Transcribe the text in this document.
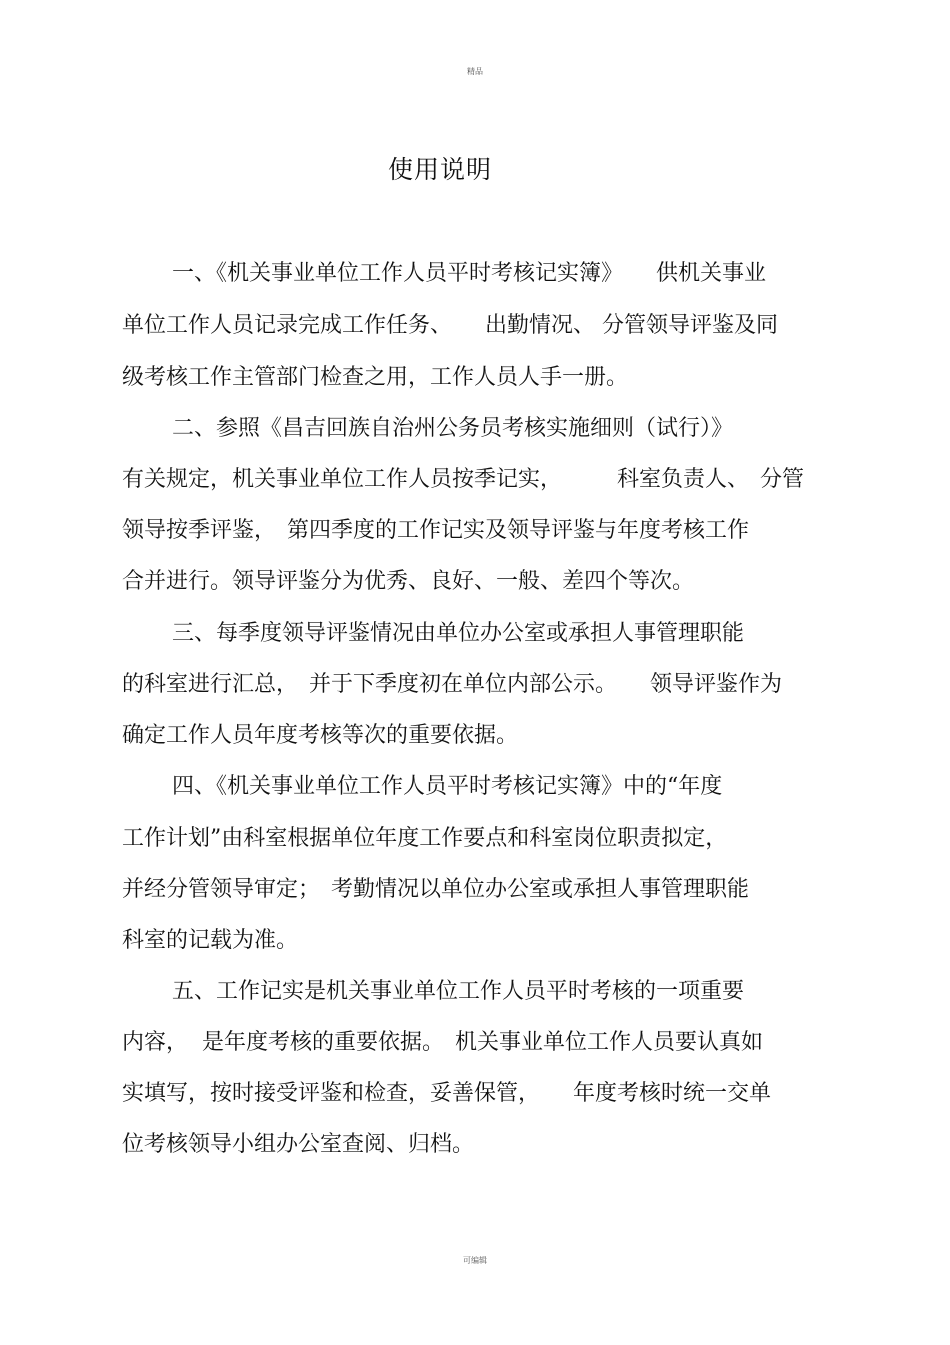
精品
使用说明
一、《机关事业单位工作人员平时考核记实簿》　　供机关事业
单位工作人员记录完成工作任务、　　出勤情况、 分管领导评鉴及同
级考核工作主管部门检查之用，工作人员人手一册。
二、参照《昌吉回族自治州公务员考核实施细则（试行）》
有关规定，机关事业单位工作人员按季记实，　　　科室负责人、　分管
领导按季评鉴，　第四季度的工作记实及领导评鉴与年度考核工作
合并进行。领导评鉴分为优秀、良好、一般、差四个等次。
三、每季度领导评鉴情况由单位办公室或承担人事管理职能
的科室进行汇总，　并于下季度初在单位内部公示。　　领导评鉴作为
确定工作人员年度考核等次的重要依据。
四、《机关事业单位工作人员平时考核记实簿》中的“年度
工作计划”由科室根据单位年度工作要点和科室岗位职责拟定，
并经分管领导审定；　考勤情况以单位办公室或承担人事管理职能
科室的记载为准。
五、工作记实是机关事业单位工作人员平时考核的一项重要
内容，  是年度考核的重要依据。　机关事业单位工作人员要认真如
实填写，按时接受评鉴和检查，妥善保管，　　年度考核时统一交单
位考核领导小组办公室查阅、归档。
可编辑
